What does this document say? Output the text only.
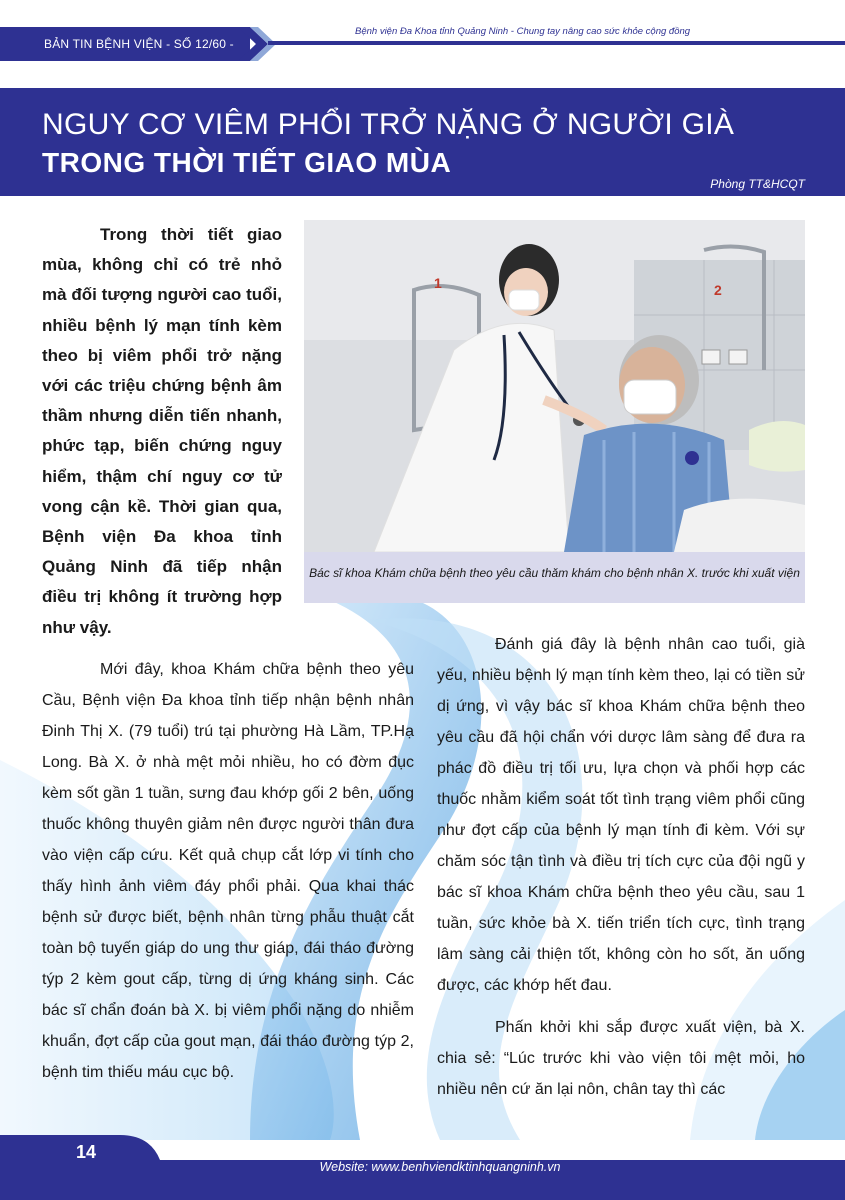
BẢN TIN BỆNH VIỆN - SỐ 12/60 - 2022
Bệnh viện Đa Khoa tỉnh Quảng Ninh - Chung tay nâng cao sức khỏe cộng đồng
NGUY CƠ VIÊM PHỔI TRỞ NẶNG Ở NGƯỜI GIÀ
TRONG THỜI TIẾT GIAO MÙA
Phòng TT&HCQT

Trong thời tiết giao mùa, không chỉ có trẻ nhỏ mà đối tượng người cao tuổi, nhiều bệnh lý mạn tính kèm theo bị viêm phổi trở nặng với các triệu chứng bệnh âm thầm nhưng diễn tiến nhanh, phức tạp, biến chứng nguy hiểm, thậm chí nguy cơ tử vong cận kề. Thời gian qua, Bệnh viện Đa khoa tỉnh Quảng Ninh đã tiếp nhận điều trị không ít trường hợp như vậy.

1	2

Bác sĩ khoa Khám chữa bệnh theo yêu cầu thăm khám cho bệnh nhân X. trước khi xuất viện

Mới đây, khoa Khám chữa bệnh theo yêu Cầu, Bệnh viện Đa khoa tỉnh tiếp nhận bệnh nhân Đinh Thị X. (79 tuổi) trú tại phường Hà Lầm, TP.Hạ Long. Bà X. ở nhà mệt mỏi nhiều, ho có đờm đục kèm sốt gần 1 tuần, sưng đau khớp gối 2 bên, uống thuốc không thuyên giảm nên được người thân đưa vào viện cấp cứu. Kết quả chụp cắt lớp vi tính cho thấy hình ảnh viêm đáy phổi phải. Qua khai thác bệnh sử được biết, bệnh nhân từng phẫu thuật cắt toàn bộ tuyến giáp do ung thư giáp, đái tháo đường týp 2 kèm gout cấp, từng dị ứng kháng sinh. Các bác sĩ chẩn đoán bà X. bị viêm phổi nặng do nhiễm khuẩn, đợt cấp của gout mạn, đái tháo đường týp 2, bệnh tim thiếu máu cục bộ.

Đánh giá đây là bệnh nhân cao tuổi, già yếu, nhiều bệnh lý mạn tính kèm theo, lại có tiền sử dị ứng, vì vậy bác sĩ khoa Khám chữa bệnh theo yêu cầu đã hội chẩn với dược lâm sàng để đưa ra phác đồ điều trị tối ưu, lựa chọn và phối hợp các thuốc nhằm kiểm soát tốt tình trạng viêm phổi cũng như đợt cấp của bệnh lý mạn tính đi kèm. Với sự chăm sóc tận tình và điều trị tích cực của đội ngũ y bác sĩ khoa Khám chữa bệnh theo yêu cầu, sau 1 tuần, sức khỏe bà X. tiến triển tích cực, tình trạng lâm sàng cải thiện tốt, không còn ho sốt, ăn uống được, các khớp hết đau.

Phấn khởi khi sắp được xuất viện, bà X. chia sẻ: “Lúc trước khi vào viện tôi mệt mỏi, ho nhiều nên cứ ăn lại nôn, chân tay thì các

14
Website: www.benhviendktinhquangninh.vn
